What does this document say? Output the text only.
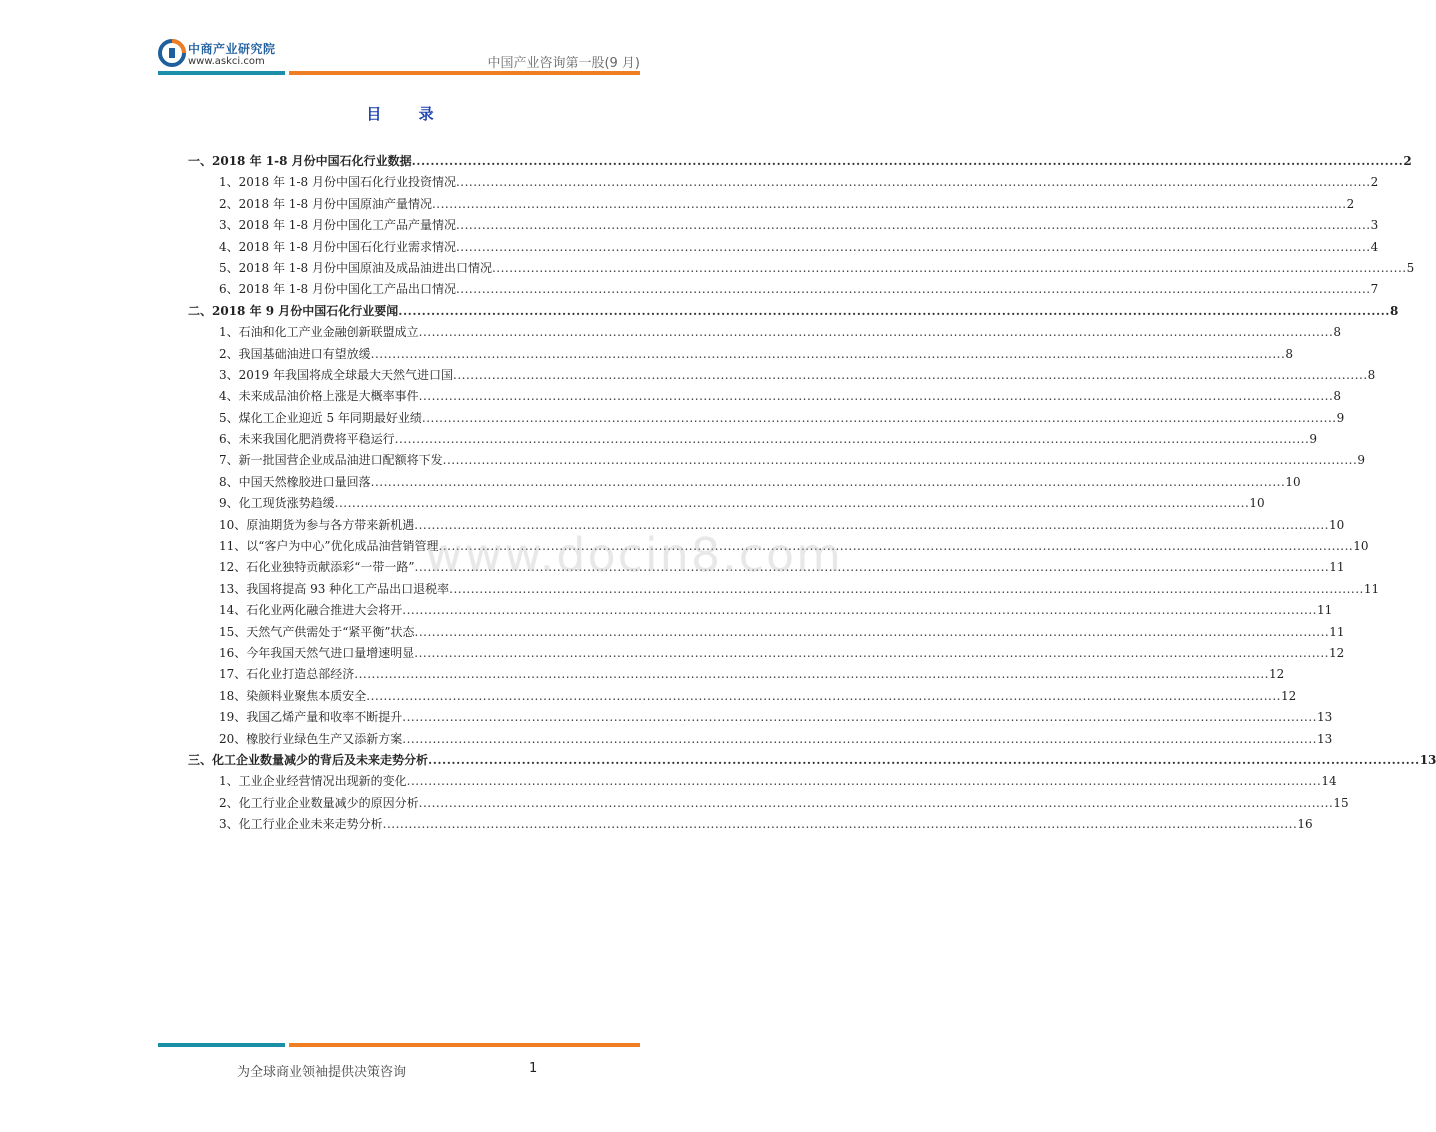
中商产业研究院
www.askci.com	中国产业咨询第一股(9 月)
目 录
一、2018 年 1-8 月份中国石化行业数据 .....	2
1、2018 年 1-8 月份中国石化行业投资情况 .....	2
2、2018 年 1-8 月份中国原油产量情况 .....	2
3、2018 年 1-8 月份中国化工产品产量情况 .....	3
4、2018 年 1-8 月份中国石化行业需求情况 .....	4
5、2018 年 1-8 月份中国原油及成品油进出口情况 .....	5
6、2018 年 1-8 月份中国化工产品出口情况 .....	7
二、2018 年 9 月份中国石化行业要闻 .....	8
1、石油和化工产业金融创新联盟成立 .....	8
2、我国基础油进口有望放缓 .....	8
3、2019 年我国将成全球最大天然气进口国 .....	8
4、未来成品油价格上涨是大概率事件 .....	8
5、煤化工企业迎近 5 年同期最好业绩 .....	9
6、未来我国化肥消费将平稳运行 .....	9
7、新一批国营企业成品油进口配额将下发 .....	9
8、中国天然橡胶进口量回落 .....	10
9、化工现货涨势趋缓 .....	10
10、原油期货为参与各方带来新机遇 .....	10
11、以“客户为中心”优化成品油营销管理 .....	10
12、石化业独特贡献添彩“一带一路” .....	11
13、我国将提高 93 种化工产品出口退税率 .....	11
14、石化业两化融合推进大会将开 .....	11
15、天然气产供需处于“紧平衡”状态 .....	11
16、今年我国天然气进口量增速明显 .....	12
17、石化业打造总部经济 .....	12
18、染颜料业聚焦本质安全 .....	12
19、我国乙烯产量和收率不断提升 .....	13
20、橡胶行业绿色生产又添新方案 .....	13
三、化工企业数量减少的背后及未来走势分析 .....	13
1、工业企业经营情况出现新的变化 .....	14
2、化工行业企业数量减少的原因分析 .....	15
3、化工行业企业未来走势分析 .....	16
www.docin8.com
为全球商业领袖提供决策咨询	1
